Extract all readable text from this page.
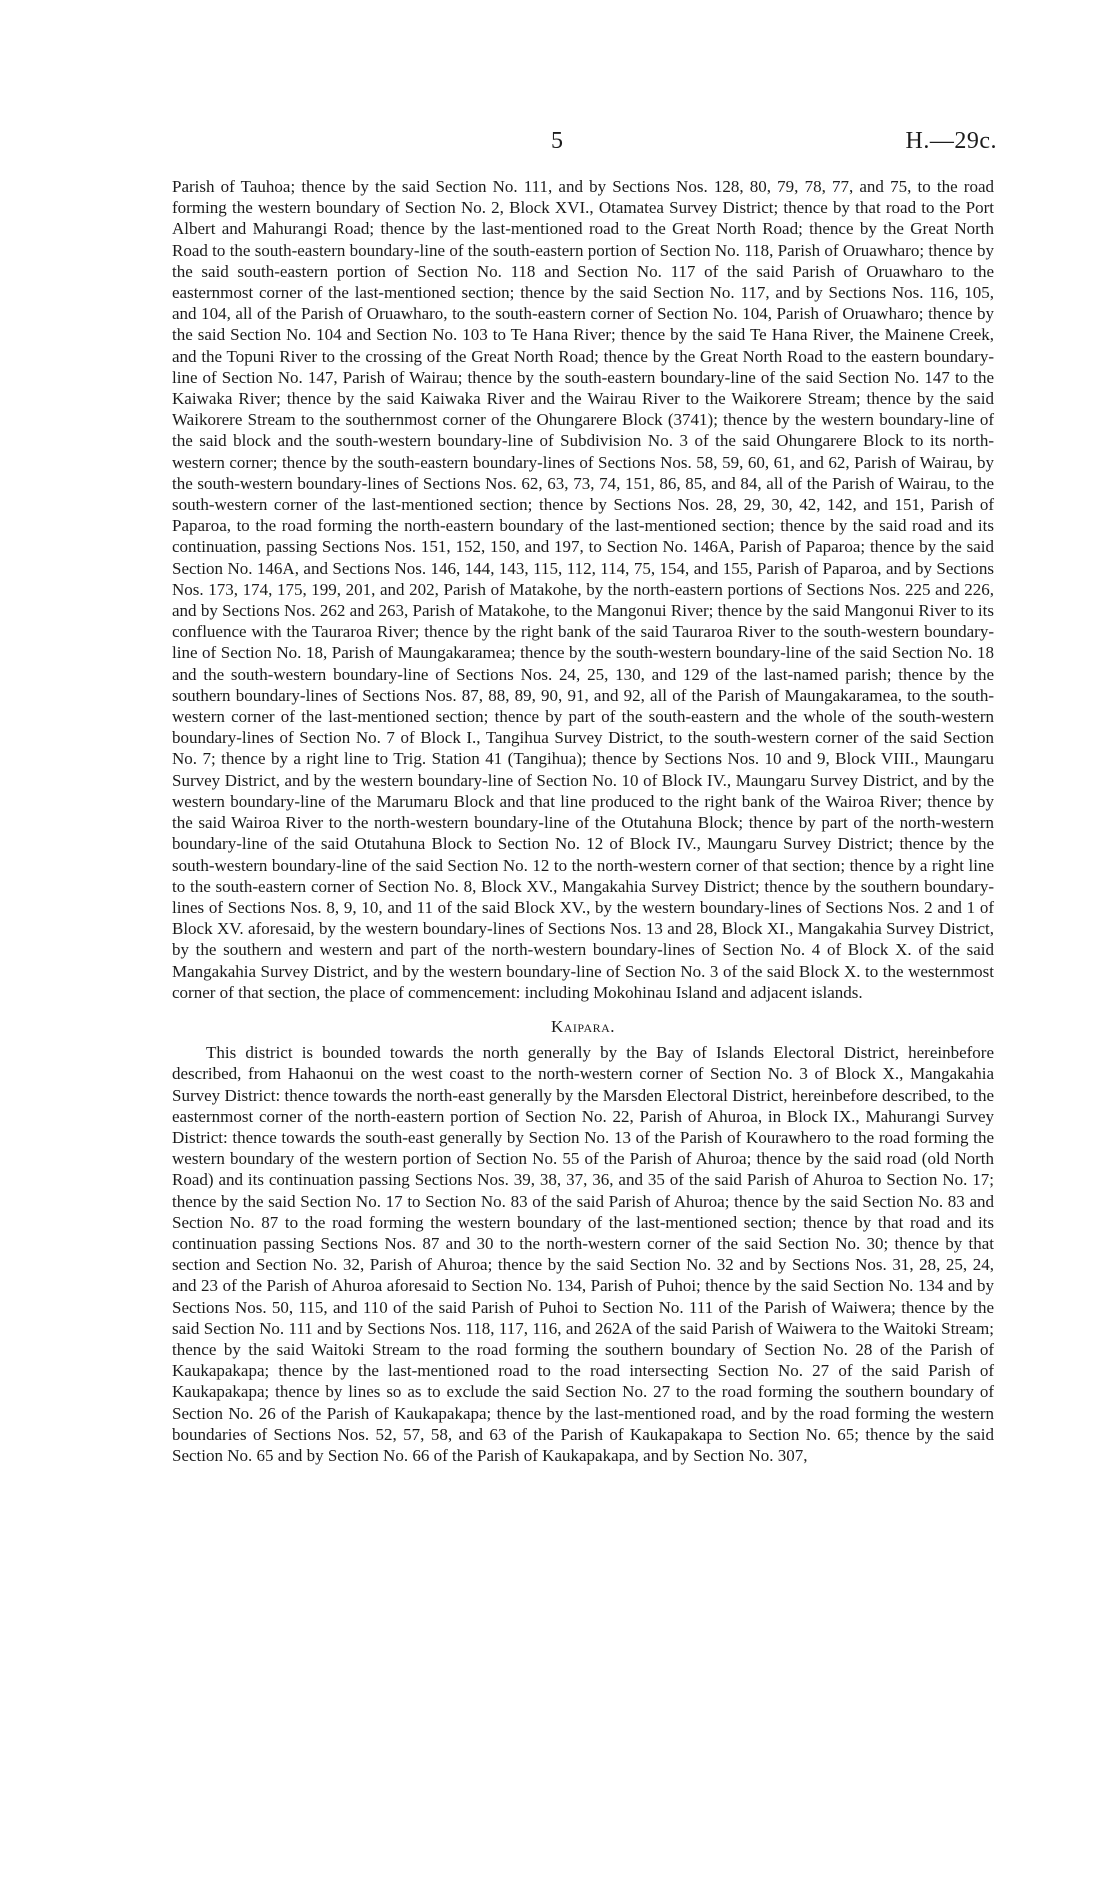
5	H.—29c.

Parish of Tauhoa; thence by the said Section No. 111, and by Sections Nos. 128, 80, 79, 78, 77, and 75, to the road forming the western boundary of Section No. 2, Block XVI., Otamatea Survey District; thence by that road to the Port Albert and Mahurangi Road; thence by the last-mentioned road to the Great North Road; thence by the Great North Road to the south-eastern boundary-line of the south-eastern portion of Section No. 118, Parish of Oruawharo; thence by the said south-eastern portion of Section No. 118 and Section No. 117 of the said Parish of Oruawharo to the easternmost corner of the last-mentioned section; thence by the said Section No. 117, and by Sections Nos. 116, 105, and 104, all of the Parish of Oruawharo, to the south-eastern corner of Section No. 104, Parish of Oruawharo; thence by the said Section No. 104 and Section No. 103 to Te Hana River; thence by the said Te Hana River, the Mainene Creek, and the Topuni River to the crossing of the Great North Road; thence by the Great North Road to the eastern boundary-line of Section No. 147, Parish of Wairau; thence by the south-eastern boundary-line of the said Section No. 147 to the Kaiwaka River; thence by the said Kaiwaka River and the Wairau River to the Waikorere Stream; thence by the said Waikorere Stream to the southernmost corner of the Ohungarere Block (3741); thence by the western boundary-line of the said block and the south-western boundary-line of Subdivision No. 3 of the said Ohungarere Block to its north-western corner; thence by the south-eastern boundary-lines of Sections Nos. 58, 59, 60, 61, and 62, Parish of Wairau, by the south-western boundary-lines of Sections Nos. 62, 63, 73, 74, 151, 86, 85, and 84, all of the Parish of Wairau, to the south-western corner of the last-mentioned section; thence by Sections Nos. 28, 29, 30, 42, 142, and 151, Parish of Paparoa, to the road forming the north-eastern boundary of the last-mentioned section; thence by the said road and its continuation, passing Sections Nos. 151, 152, 150, and 197, to Section No. 146A, Parish of Paparoa; thence by the said Section No. 146A, and Sections Nos. 146, 144, 143, 115, 112, 114, 75, 154, and 155, Parish of Paparoa, and by Sections Nos. 173, 174, 175, 199, 201, and 202, Parish of Matakohe, by the north-eastern portions of Sections Nos. 225 and 226, and by Sections Nos. 262 and 263, Parish of Matakohe, to the Mangonui River; thence by the said Mangonui River to its confluence with the Tauraroa River; thence by the right bank of the said Tauraroa River to the south-western boundary-line of Section No. 18, Parish of Maungakaramea; thence by the south-western boundary-line of the said Section No. 18 and the south-western boundary-line of Sections Nos. 24, 25, 130, and 129 of the last-named parish; thence by the southern boundary-lines of Sections Nos. 87, 88, 89, 90, 91, and 92, all of the Parish of Maungakaramea, to the south-western corner of the last-mentioned section; thence by part of the south-eastern and the whole of the south-western boundary-lines of Section No. 7 of Block I., Tangihua Survey District, to the south-western corner of the said Section No. 7; thence by a right line to Trig. Station 41 (Tangihua); thence by Sections Nos. 10 and 9, Block VIII., Maungaru Survey District, and by the western boundary-line of Section No. 10 of Block IV., Maungaru Survey District, and by the western boundary-line of the Marumaru Block and that line produced to the right bank of the Wairoa River; thence by the said Wairoa River to the north-western boundary-line of the Otutahuna Block; thence by part of the north-western boundary-line of the said Otutahuna Block to Section No. 12 of Block IV., Maungaru Survey District; thence by the south-western boundary-line of the said Section No. 12 to the north-western corner of that section; thence by a right line to the south-eastern corner of Section No. 8, Block XV., Mangakahia Survey District; thence by the southern boundary-lines of Sections Nos. 8, 9, 10, and 11 of the said Block XV., by the western boundary-lines of Sections Nos. 2 and 1 of Block XV. aforesaid, by the western boundary-lines of Sections Nos. 13 and 28, Block XI., Mangakahia Survey District, by the southern and western and part of the north-western boundary-lines of Section No. 4 of Block X. of the said Mangakahia Survey District, and by the western boundary-line of Section No. 3 of the said Block X. to the westernmost corner of that section, the place of commencement: including Mokohinau Island and adjacent islands.

Kaipara.

This district is bounded towards the north generally by the Bay of Islands Electoral District, hereinbefore described, from Hahaonui on the west coast to the north-western corner of Section No. 3 of Block X., Mangakahia Survey District: thence towards the north-east generally by the Marsden Electoral District, hereinbefore described, to the easternmost corner of the north-eastern portion of Section No. 22, Parish of Ahuroa, in Block IX., Mahurangi Survey District: thence towards the south-east generally by Section No. 13 of the Parish of Kourawhero to the road forming the western boundary of the western portion of Section No. 55 of the Parish of Ahuroa; thence by the said road (old North Road) and its continuation passing Sections Nos. 39, 38, 37, 36, and 35 of the said Parish of Ahuroa to Section No. 17; thence by the said Section No. 17 to Section No. 83 of the said Parish of Ahuroa; thence by the said Section No. 83 and Section No. 87 to the road forming the western boundary of the last-mentioned section; thence by that road and its continuation passing Sections Nos. 87 and 30 to the north-western corner of the said Section No. 30; thence by that section and Section No. 32, Parish of Ahuroa; thence by the said Section No. 32 and by Sections Nos. 31, 28, 25, 24, and 23 of the Parish of Ahuroa aforesaid to Section No. 134, Parish of Puhoi; thence by the said Section No. 134 and by Sections Nos. 50, 115, and 110 of the said Parish of Puhoi to Section No. 111 of the Parish of Waiwera; thence by the said Section No. 111 and by Sections Nos. 118, 117, 116, and 262A of the said Parish of Waiwera to the Waitoki Stream; thence by the said Waitoki Stream to the road forming the southern boundary of Section No. 28 of the Parish of Kaukapakapa; thence by the last-mentioned road to the road intersecting Section No. 27 of the said Parish of Kaukapakapa; thence by lines so as to exclude the said Section No. 27 to the road forming the southern boundary of Section No. 26 of the Parish of Kaukapakapa; thence by the last-mentioned road, and by the road forming the western boundaries of Sections Nos. 52, 57, 58, and 63 of the Parish of Kaukapakapa to Section No. 65; thence by the said Section No. 65 and by Section No. 66 of the Parish of Kaukapakapa, and by Section No. 307,
